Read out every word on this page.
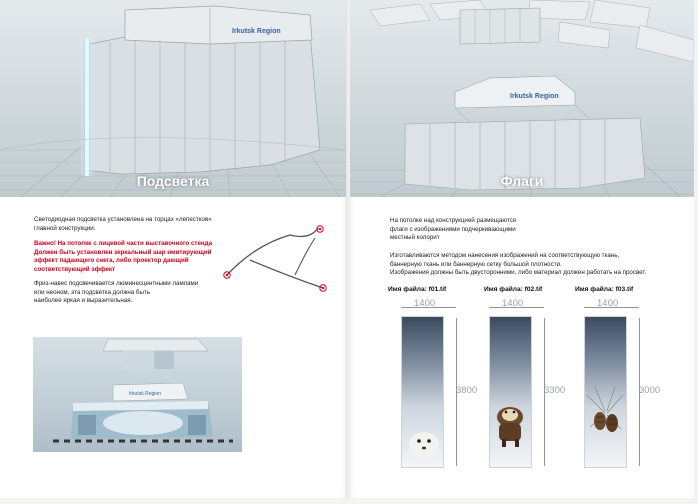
Irkutsk Region
Подсветка
Светодиодная подсветка установлена на торцах «лепестков»
главной конструкции.
Важно! На потолке с лицевой части выставочного стенда
Должен быть установлен зеркальный шар имитирующий
эффект падающего снега, либо проектор дающий
соответствующий эффект
Фриз-навес подсвечивается люминесцентными лампами
или неоном, эта подсветка должна быть
наиболее яркая и выразительная.
Irkutsk Region
Irkutsk Region
Флаги
На потолке над конструкцией размещаются
флаги с изображениями подчеркивающими
местный колорит
Изготавливаются методом нанесения изображений на соответствующую ткань,
баннерную ткань или баннерную сетку большой плотности.
Изображения должны быть двусторонними, либо материал должен работать на просвет.
Имя файла: f01.tif	Имя файла: f02.tif	Имя файла: f03.tif
1400
3800
1400
3300
1400
3000
